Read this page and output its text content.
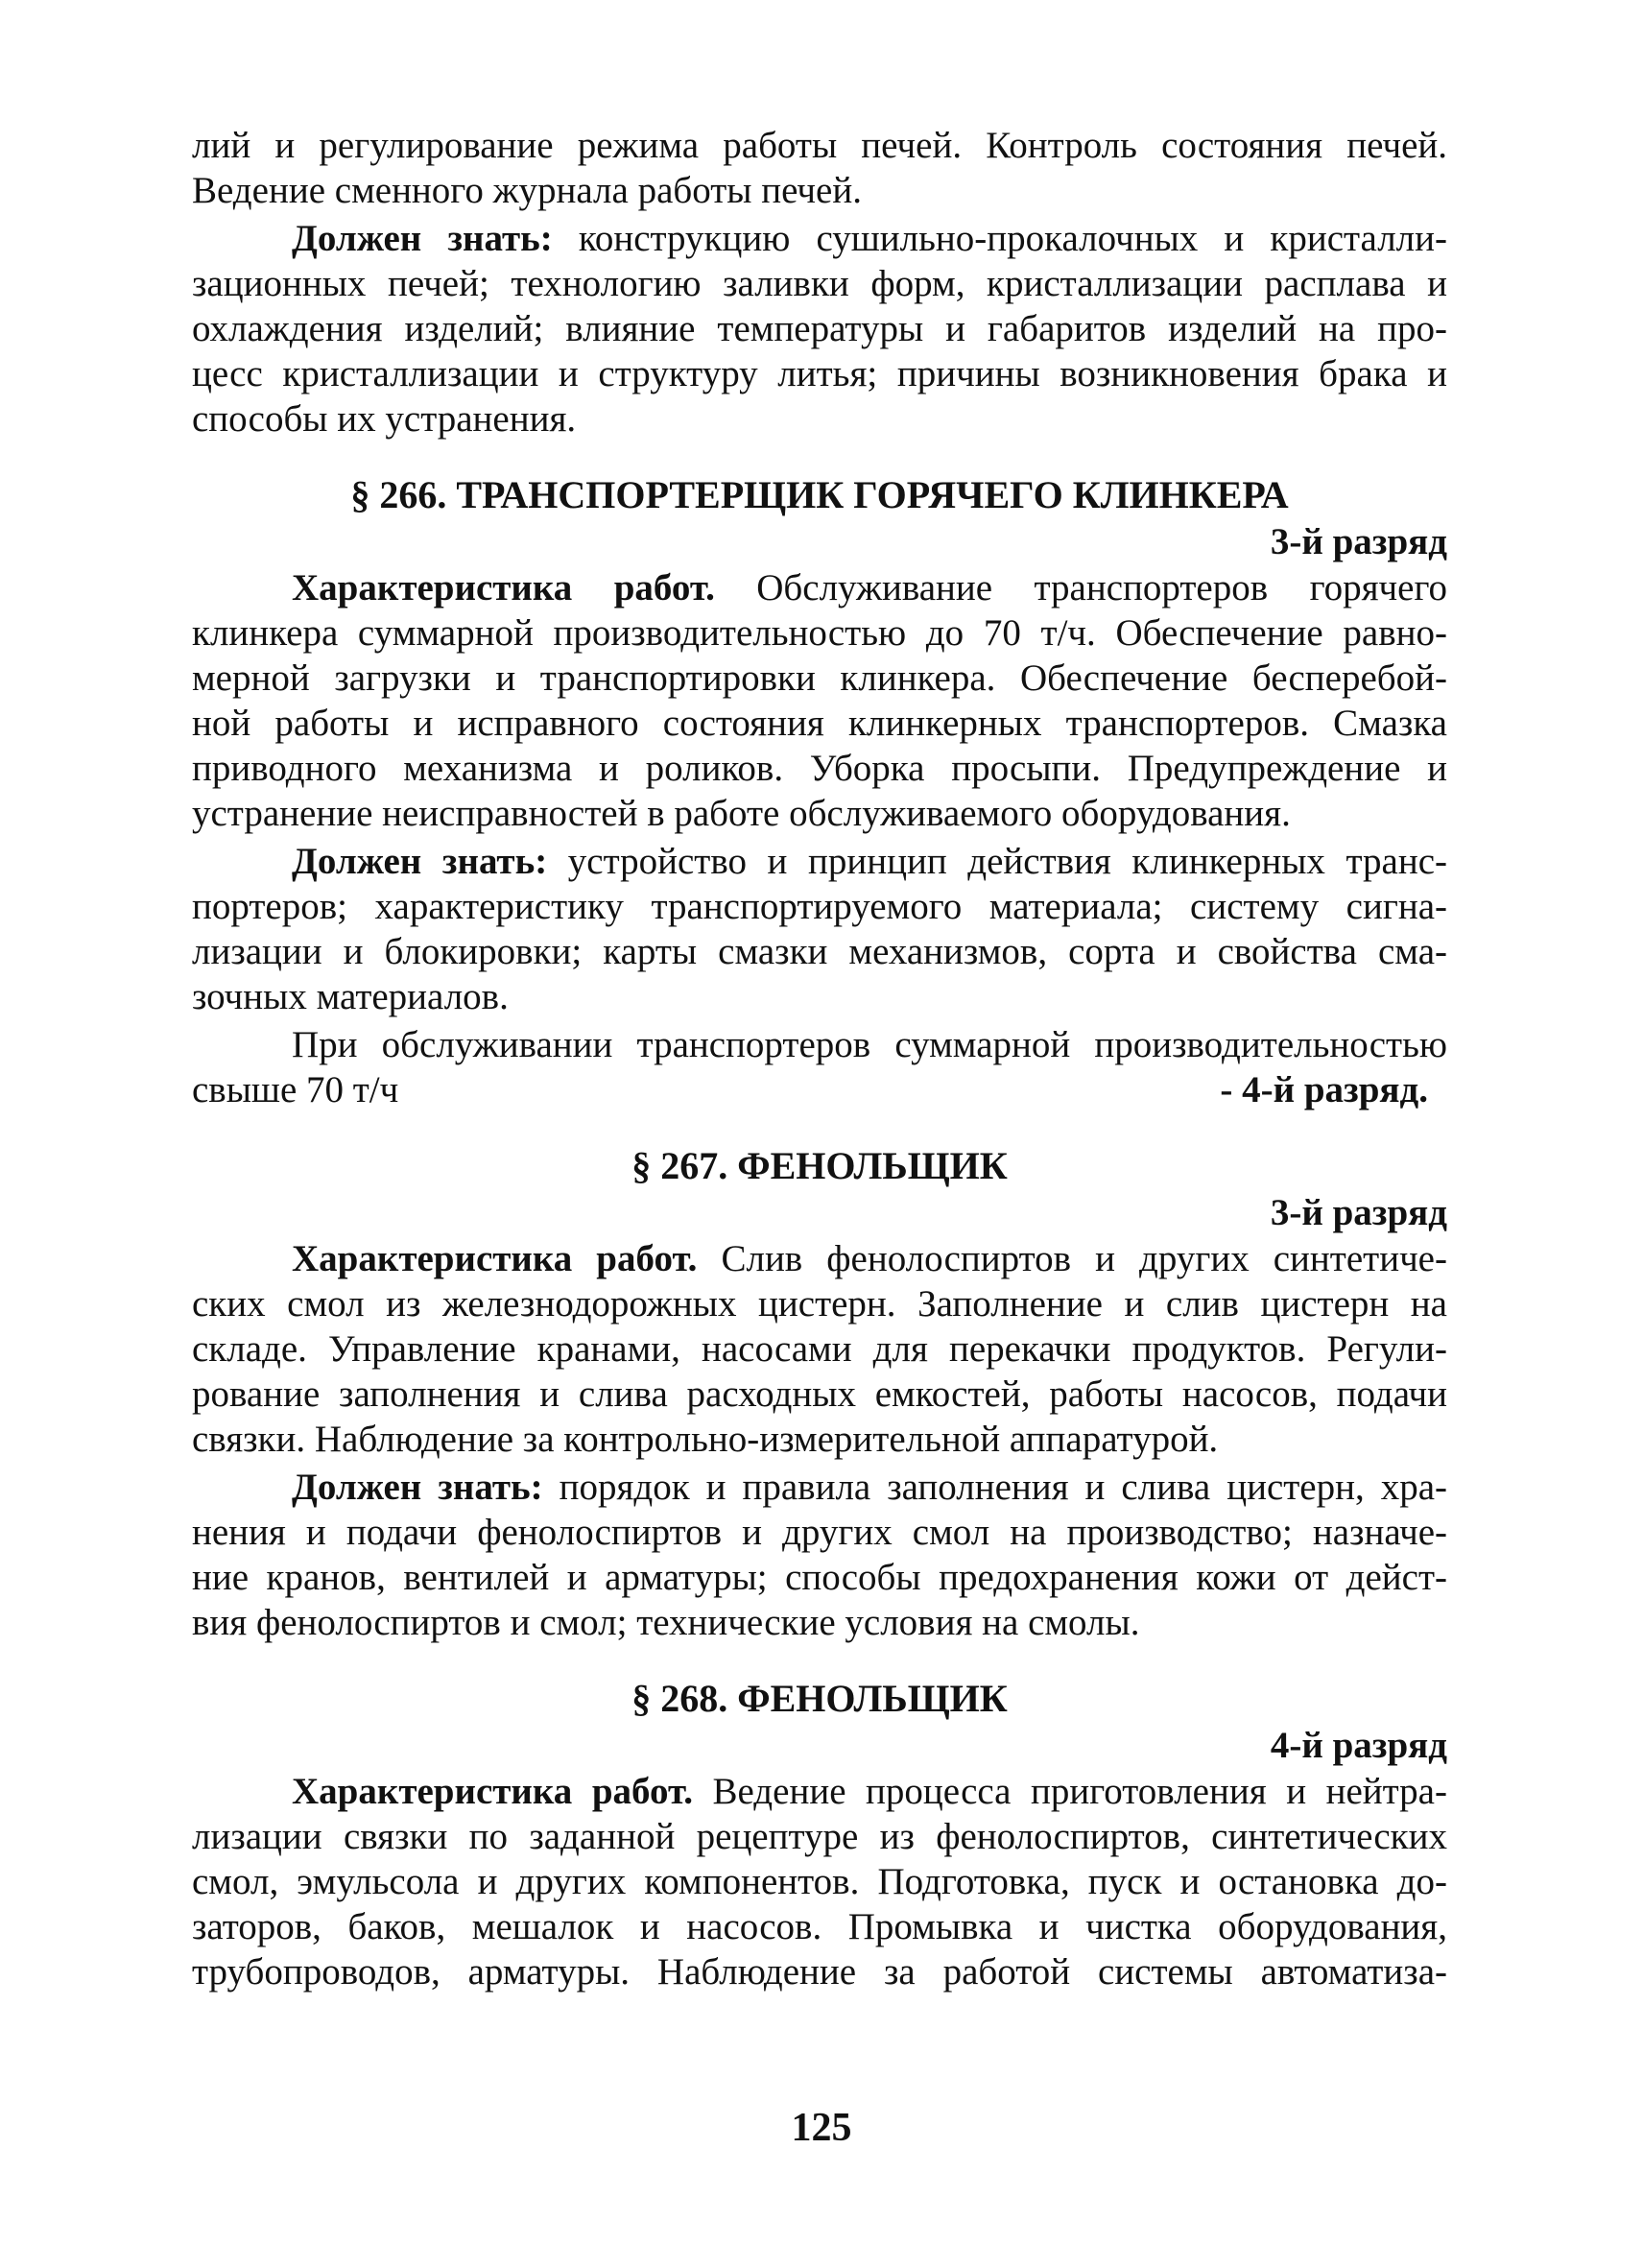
лий и регулирование режима работы печей. Контроль состояния печей.
Ведение сменного журнала работы печей.
Должен знать: конструкцию сушильно-прокалочных и кристалли-
зационных печей; технологию заливки форм, кристаллизации расплава и
охлаждения изделий; влияние температуры и габаритов изделий на про-
цесс кристаллизации и структуру литья; причины возникновения брака и
способы их устранения.
§ 266. ТРАНСПОРТЕРЩИК ГОРЯЧЕГО КЛИНКЕРА
3-й разряд
Характеристика работ. Обслуживание транспортеров горячего
клинкера суммарной производительностью до 70 т/ч. Обеспечение равно-
мерной загрузки и транспортировки клинкера. Обеспечение бесперебой-
ной работы и исправного состояния клинкерных транспортеров. Смазка
приводного механизма и роликов. Уборка просыпи. Предупреждение и
устранение неисправностей в работе обслуживаемого оборудования.
Должен знать: устройство и принцип действия клинкерных транс-
портеров; характеристику транспортируемого материала; систему сигна-
лизации и блокировки; карты смазки механизмов, сорта и свойства сма-
зочных материалов.
При обслуживании транспортеров суммарной производительностью
свыше 70 т/ч	- 4-й разряд.
§ 267. ФЕНОЛЬЩИК
3-й разряд
Характеристика работ. Слив фенолоспиртов и других синтетиче-
ских смол из железнодорожных цистерн. Заполнение и слив цистерн на
складе. Управление кранами, насосами для перекачки продуктов. Регули-
рование заполнения и слива расходных емкостей, работы насосов, подачи
связки. Наблюдение за контрольно-измерительной аппаратурой.
Должен знать: порядок и правила заполнения и слива цистерн, хра-
нения и подачи фенолоспиртов и других смол на производство; назначе-
ние кранов, вентилей и арматуры; способы предохранения кожи от дейст-
вия фенолоспиртов и смол; технические условия на смолы.
§ 268. ФЕНОЛЬЩИК
4-й разряд
Характеристика работ. Ведение процесса приготовления и нейтра-
лизации связки по заданной рецептуре из фенолоспиртов, синтетических
смол, эмульсола и других компонентов. Подготовка, пуск и остановка до-
заторов, баков, мешалок и насосов. Промывка и чистка оборудования,
трубопроводов, арматуры. Наблюдение за работой системы автоматиза-
125
